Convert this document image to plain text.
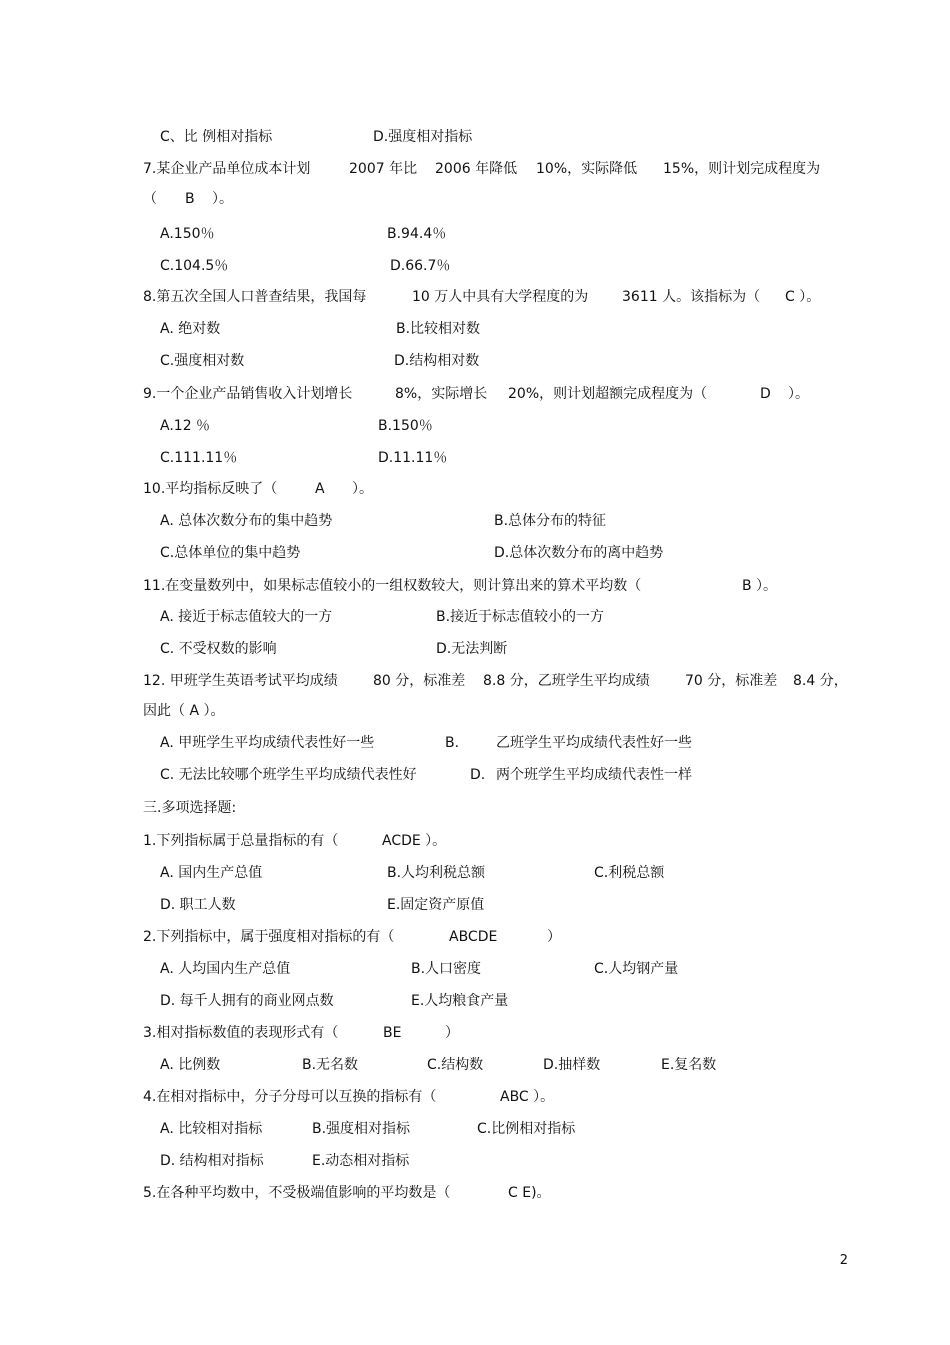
C、比 例相对指标	D.强度相对指标
7.某企业产品单位成本计划	2007 年比 2006 年降低 10%，实际降低 15%，则计划完成程度为
（ B ）。
A.150％	B.94.4％
C.104.5％	D.66.7％
8.第五次全国人口普查结果，我国每	10 万人中具有大学程度的为 3611 人。该指标为（ C ）。
A. 绝对数	B.比较相对数
C.强度相对数	D.结构相对数
9.一个企业产品销售收入计划增长	8%，实际增长 20%，则计划超额完成程度为（	D ）。
A.12 ％	B.150％
C.111.11％	D.11.11％
10.平均指标反映了（	A ）。
A. 总体次数分布的集中趋势	B.总体分布的特征
C.总体单位的集中趋势	D.总体次数分布的离中趋势
11.在变量数列中，如果标志值较小的一组权数较大，则计算出来的算术平均数（	B ）。
A. 接近于标志值较大的一方	B.接近于标志值较小的一方
C. 不受权数的影响	D.无法判断
12. 甲班学生英语考试平均成绩	80 分，标准差 8.8 分，乙班学生平均成绩	70 分，标准差 8.4 分，
因此（ A ）。
A. 甲班学生平均成绩代表性好一些	B.	乙班学生平均成绩代表性好一些
C. 无法比较哪个班学生平均成绩代表性好	D. 两个班学生平均成绩代表性一样
三.多项选择题:
1.下列指标属于总量指标的有（	ACDE ）。
A. 国内生产总值	B.人均利税总额	C.利税总额
D. 职工人数	E.固定资产原值
2.下列指标中，属于强度相对指标的有（	ABCDE	）
A. 人均国内生产总值	B.人口密度	C.人均钢产量
D. 每千人拥有的商业网点数	E.人均粮食产量
3.相对指标数值的表现形式有（	BE	）
A. 比例数	B.无名数	C.结构数	D.抽样数	E.复名数
4.在相对指标中，分子分母可以互换的指标有（	ABC ）。
A. 比较相对指标	B.强度相对指标	C.比例相对指标
D. 结构相对指标	E.动态相对指标
5.在各种平均数中，不受极端值影响的平均数是（	C E)。
2
